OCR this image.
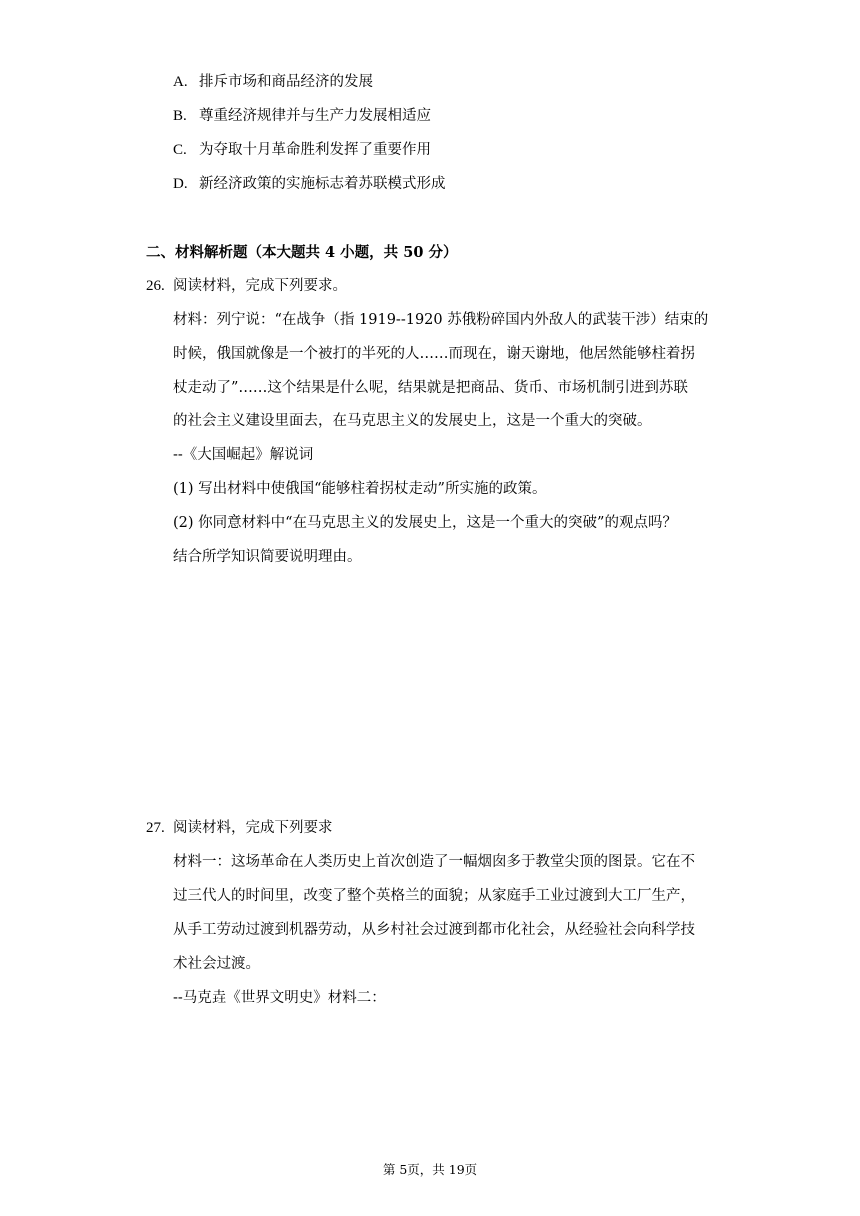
A. 排斥市场和商品经济的发展
B. 尊重经济规律并与生产力发展相适应
C. 为夺取十月革命胜利发挥了重要作用
D. 新经济政策的实施标志着苏联模式形成
二、材料解析题（本大题共 4 小题，共 50 分）
26. 阅读材料，完成下列要求。
材料：列宁说：“在战争（指 1919--1920 苏俄粉碎国内外敌人的武装干涉）结束的
时候，俄国就像是一个被打的半死的人……而现在，谢天谢地，他居然能够柱着拐
杖走动了”……这个结果是什么呢，结果就是把商品、货币、市场机制引进到苏联
的社会主义建设里面去，在马克思主义的发展史上，这是一个重大的突破。
--《大国崛起》解说词
(1) 写出材料中使俄国“能够柱着拐杖走动”所实施的政策。
(2) 你同意材料中“在马克思主义的发展史上，这是一个重大的突破”的观点吗？
结合所学知识简要说明理由。
27. 阅读材料，完成下列要求
材料一：这场革命在人类历史上首次创造了一幅烟囱多于教堂尖顶的图景。它在不
过三代人的时间里，改变了整个英格兰的面貌；从家庭手工业过渡到大工厂生产，
从手工劳动过渡到机器劳动，从乡村社会过渡到都市化社会，从经验社会向科学技
术社会过渡。
--马克垚《世界文明史》材料二：
第 5页，共 19页
